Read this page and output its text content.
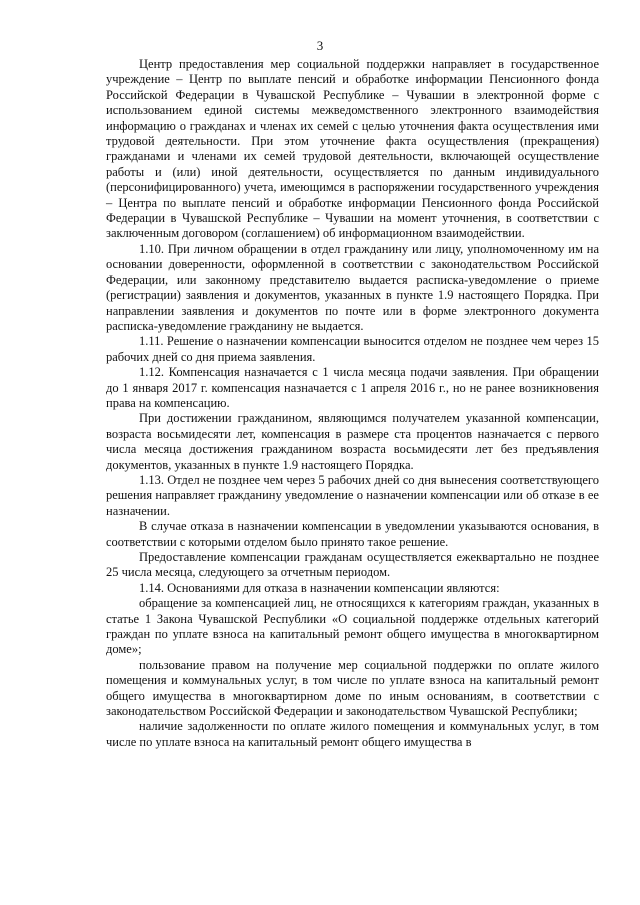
3

Центр предоставления мер социальной поддержки направляет в государственное учреждение – Центр по выплате пенсий и обработке информации Пенсионного фонда Российской Федерации в Чувашской Республике – Чувашии в электронной форме с использованием единой системы межведомственного электронного взаимодействия информацию о гражданах и членах их семей с целью уточнения факта осуществления ими трудовой деятельности. При этом уточнение факта осуществления (прекращения) гражданами и членами их семей трудовой деятельности, включающей осуществление работы и (или) иной деятельности, осуществляется по данным индивидуального (персонифицированного) учета, имеющимся в распоряжении государственного учреждения – Центра по выплате пенсий и обработке информации Пенсионного фонда Российской Федерации в Чувашской Республике – Чувашии на момент уточнения, в соответствии с заключенным договором (соглашением) об информационном взаимодействии.

1.10. При личном обращении в отдел гражданину или лицу, уполномоченному им на основании доверенности, оформленной в соответствии с законодательством Российской Федерации, или законному представителю выдается расписка-уведомление о приеме (регистрации) заявления и документов, указанных в пункте 1.9 настоящего Порядка. При направлении заявления и документов по почте или в форме электронного документа расписка-уведомление гражданину не выдается.

1.11. Решение о назначении компенсации выносится отделом не позднее чем через 15 рабочих дней со дня приема заявления.

1.12. Компенсация назначается с 1 числа месяца подачи заявления. При обращении до 1 января 2017 г. компенсация назначается с 1 апреля 2016 г., но не ранее возникновения права на компенсацию.

При достижении гражданином, являющимся получателем указанной компенсации, возраста восьмидесяти лет, компенсация в размере ста процентов назначается с первого числа месяца достижения гражданином возраста восьмидесяти лет без предъявления документов, указанных в пункте 1.9 настоящего Порядка.

1.13. Отдел не позднее чем через 5 рабочих дней со дня вынесения соответствующего решения направляет гражданину уведомление о назначении компенсации или об отказе в ее назначении.

В случае отказа в назначении компенсации в уведомлении указываются основания, в соответствии с которыми отделом было принято такое решение.

Предоставление компенсации гражданам осуществляется ежеквартально не позднее 25 числа месяца, следующего за отчетным периодом.

1.14. Основаниями для отказа в назначении компенсации являются:

обращение за компенсацией лиц, не относящихся к категориям граждан, указанных в статье 1 Закона Чувашской Республики «О социальной поддержке отдельных категорий граждан по уплате взноса на капитальный ремонт общего имущества в многоквартирном доме»;

пользование правом на получение мер социальной поддержки по оплате жилого помещения и коммунальных услуг, в том числе по уплате взноса на капитальный ремонт общего имущества в многоквартирном доме по иным основаниям, в соответствии с законодательством Российской Федерации и законодательством Чувашской Республики;

наличие задолженности по оплате жилого помещения и коммунальных услуг, в том числе по уплате взноса на капитальный ремонт общего имущества в
